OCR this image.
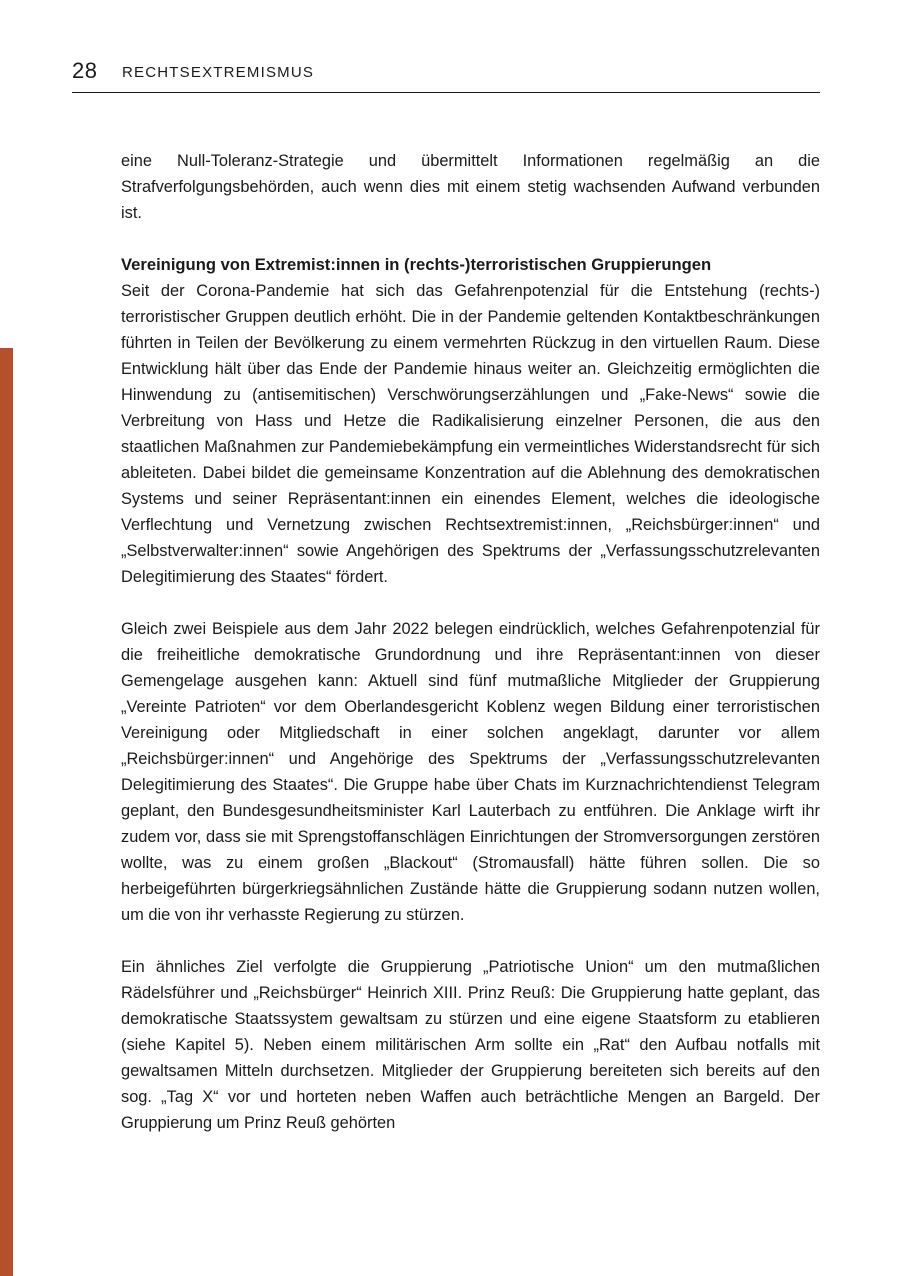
28 RECHTSEXTREMISMUS

eine Null-Toleranz-Strategie und übermittelt Informationen regelmäßig an die Strafverfolgungsbehörden, auch wenn dies mit einem stetig wachsenden Aufwand verbunden ist.

Vereinigung von Extremist:innen in (rechts-)terroristischen Gruppierungen

Seit der Corona-Pandemie hat sich das Gefahrenpotenzial für die Entstehung (rechts-) terroristischer Gruppen deutlich erhöht. Die in der Pandemie geltenden Kontaktbeschränkungen führten in Teilen der Bevölkerung zu einem vermehrten Rückzug in den virtuellen Raum. Diese Entwicklung hält über das Ende der Pandemie hinaus weiter an. Gleichzeitig ermöglichten die Hinwendung zu (antisemitischen) Verschwörungserzählungen und „Fake-News“ sowie die Verbreitung von Hass und Hetze die Radikalisierung einzelner Personen, die aus den staatlichen Maßnahmen zur Pandemiebekämpfung ein vermeintliches Widerstandsrecht für sich ableiteten. Dabei bildet die gemeinsame Konzentration auf die Ablehnung des demokratischen Systems und seiner Repräsentant:innen ein einendes Element, welches die ideologische Verflechtung und Vernetzung zwischen Rechtsextremist:innen, „Reichsbürger:innen“ und „Selbstverwalter:innen“ sowie Angehörigen des Spektrums der „Verfassungsschutzrelevanten Delegitimierung des Staates“ fördert.

Gleich zwei Beispiele aus dem Jahr 2022 belegen eindrücklich, welches Gefahrenpotenzial für die freiheitliche demokratische Grundordnung und ihre Repräsentant:innen von dieser Gemengelage ausgehen kann: Aktuell sind fünf mutmaßliche Mitglieder der Gruppierung „Vereinte Patrioten“ vor dem Oberlandesgericht Koblenz wegen Bildung einer terroristischen Vereinigung oder Mitgliedschaft in einer solchen angeklagt, darunter vor allem „Reichsbürger:innen“ und Angehörige des Spektrums der „Verfassungsschutzrelevanten Delegitimierung des Staates“. Die Gruppe habe über Chats im Kurznachrichtendienst Telegram geplant, den Bundesgesundheitsminister Karl Lauterbach zu entführen. Die Anklage wirft ihr zudem vor, dass sie mit Sprengstoffanschlägen Einrichtungen der Stromversorgungen zerstören wollte, was zu einem großen „Blackout“ (Stromausfall) hätte führen sollen. Die so herbeigeführten bürgerkriegsähnlichen Zustände hätte die Gruppierung sodann nutzen wollen, um die von ihr verhasste Regierung zu stürzen.

Ein ähnliches Ziel verfolgte die Gruppierung „Patriotische Union“ um den mutmaßlichen Rädelsführer und „Reichsbürger“ Heinrich XIII. Prinz Reuß: Die Gruppierung hatte geplant, das demokratische Staatssystem gewaltsam zu stürzen und eine eigene Staatsform zu etablieren (siehe Kapitel 5). Neben einem militärischen Arm sollte ein „Rat“ den Aufbau notfalls mit gewaltsamen Mitteln durchsetzen. Mitglieder der Gruppierung bereiteten sich bereits auf den sog. „Tag X“ vor und horteten neben Waffen auch beträchtliche Mengen an Bargeld. Der Gruppierung um Prinz Reuß gehörten
